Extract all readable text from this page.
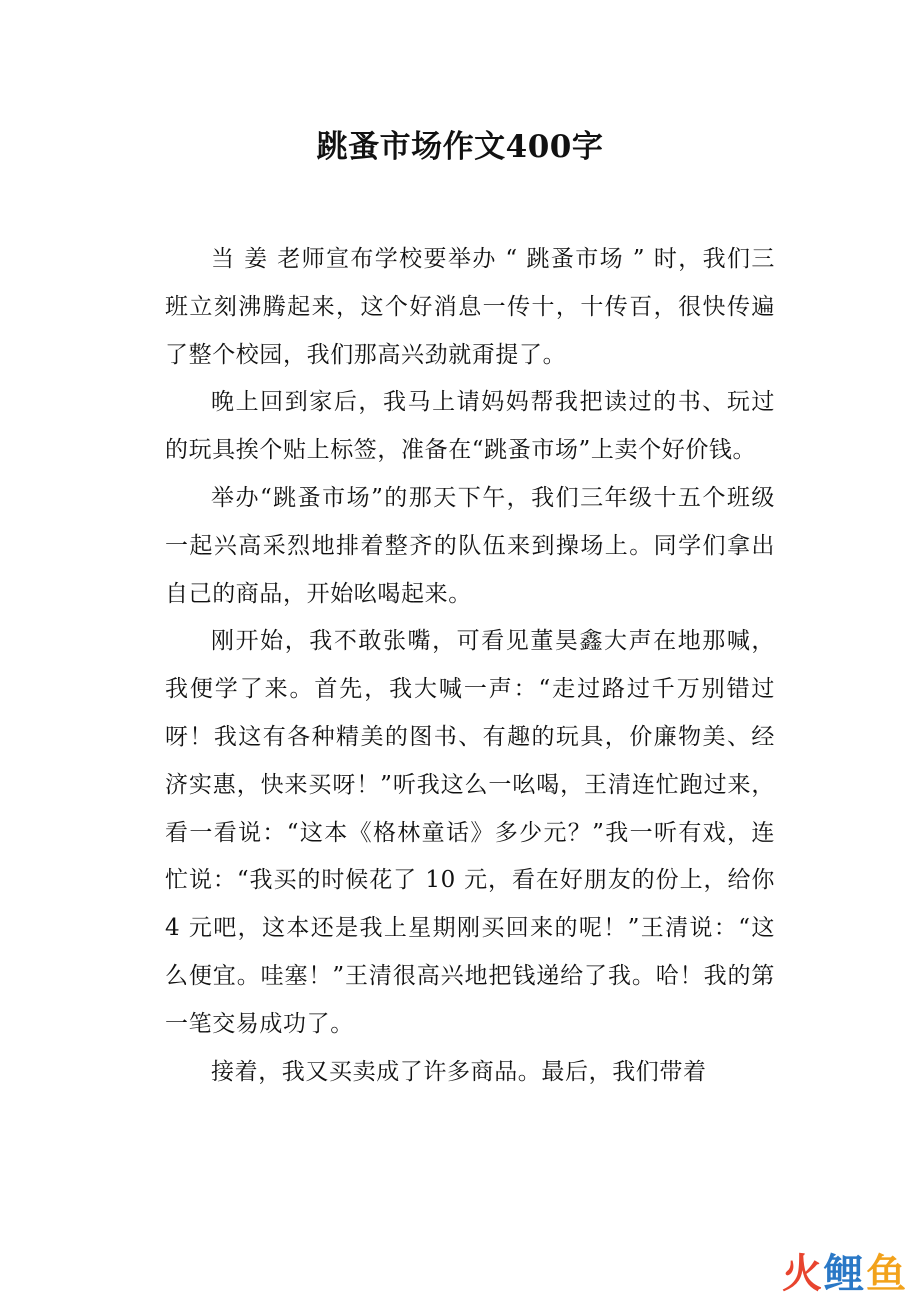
跳蚤市场作文400字

当 姜 老师宣布学校要举办 “ 跳蚤市场 ” 时，我们三班立刻沸腾起来，这个好消息一传十，十传百，很快传遍了整个校园，我们那高兴劲就甭提了。

晚上回到家后，我马上请妈妈帮我把读过的书、玩过的玩具挨个贴上标签，准备在“跳蚤市场”上卖个好价钱。

举办“跳蚤市场”的那天下午，我们三年级十五个班级一起兴高采烈地排着整齐的队伍来到操场上。同学们拿出自己的商品，开始吆喝起来。

刚开始，我不敢张嘴，可看见董昊鑫大声在地那喊，我便学了来。首先，我大喊一声：“走过路过千万别错过呀！我这有各种精美的图书、有趣的玩具，价廉物美、经济实惠，快来买呀！”听我这么一吆喝，王清连忙跑过来，看一看说：“这本《格林童话》多少元？”我一听有戏，连忙说：“我买的时候花了 10 元，看在好朋友的份上，给你 4 元吧，这本还是我上星期刚买回来的呢！”王清说：“这么便宜。哇塞！”王清很高兴地把钱递给了我。哈！我的第一笔交易成功了。

接着，我又买卖成了许多商品。最后，我们带着

火 鲤 鱼
